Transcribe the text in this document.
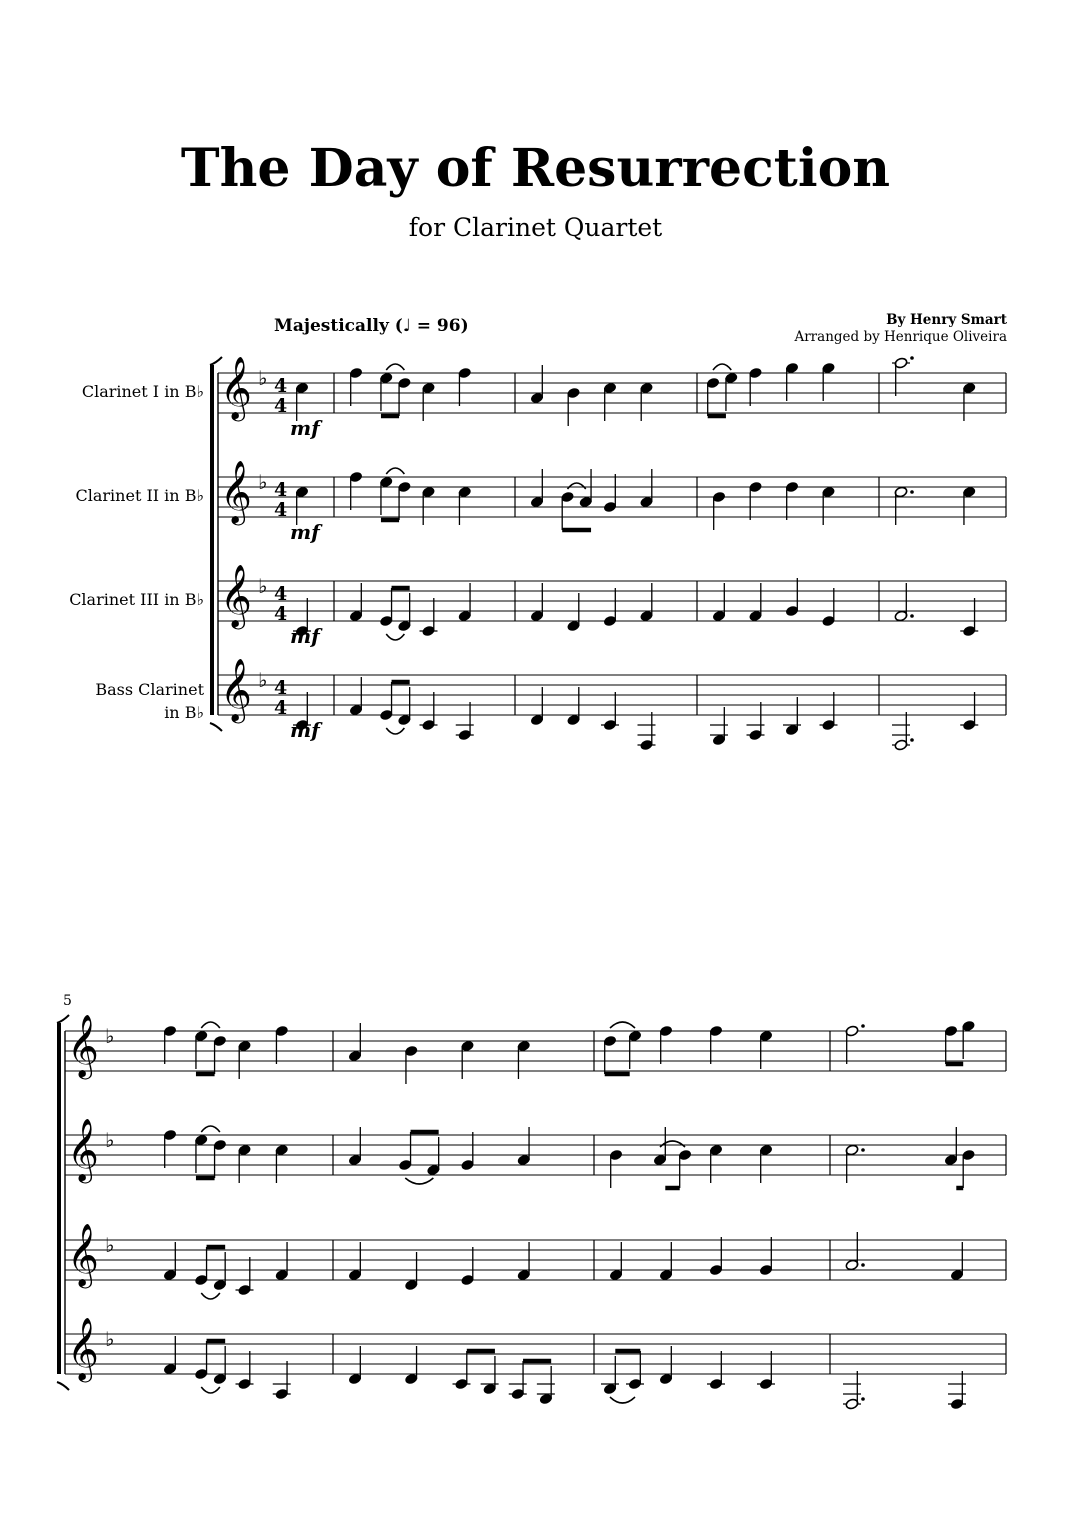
The Day of Resurrection
for Clarinet Quartet
By Henry Smart
Arranged by Henrique Oliveira
Majestically (♩ = 96)
Clarinet I in B♭
Clarinet II in B♭
Clarinet III in B♭
Bass Clarinet
in B♭
5
𝄞 ♭ 4
4
𝄞 ♭ 4
4
𝄞 ♭ 4
4
𝄞 ♭ 4
4
mf
mf
mf
mf
𝄞 ♭
𝄞 ♭
𝄞 ♭
𝄞 ♭
